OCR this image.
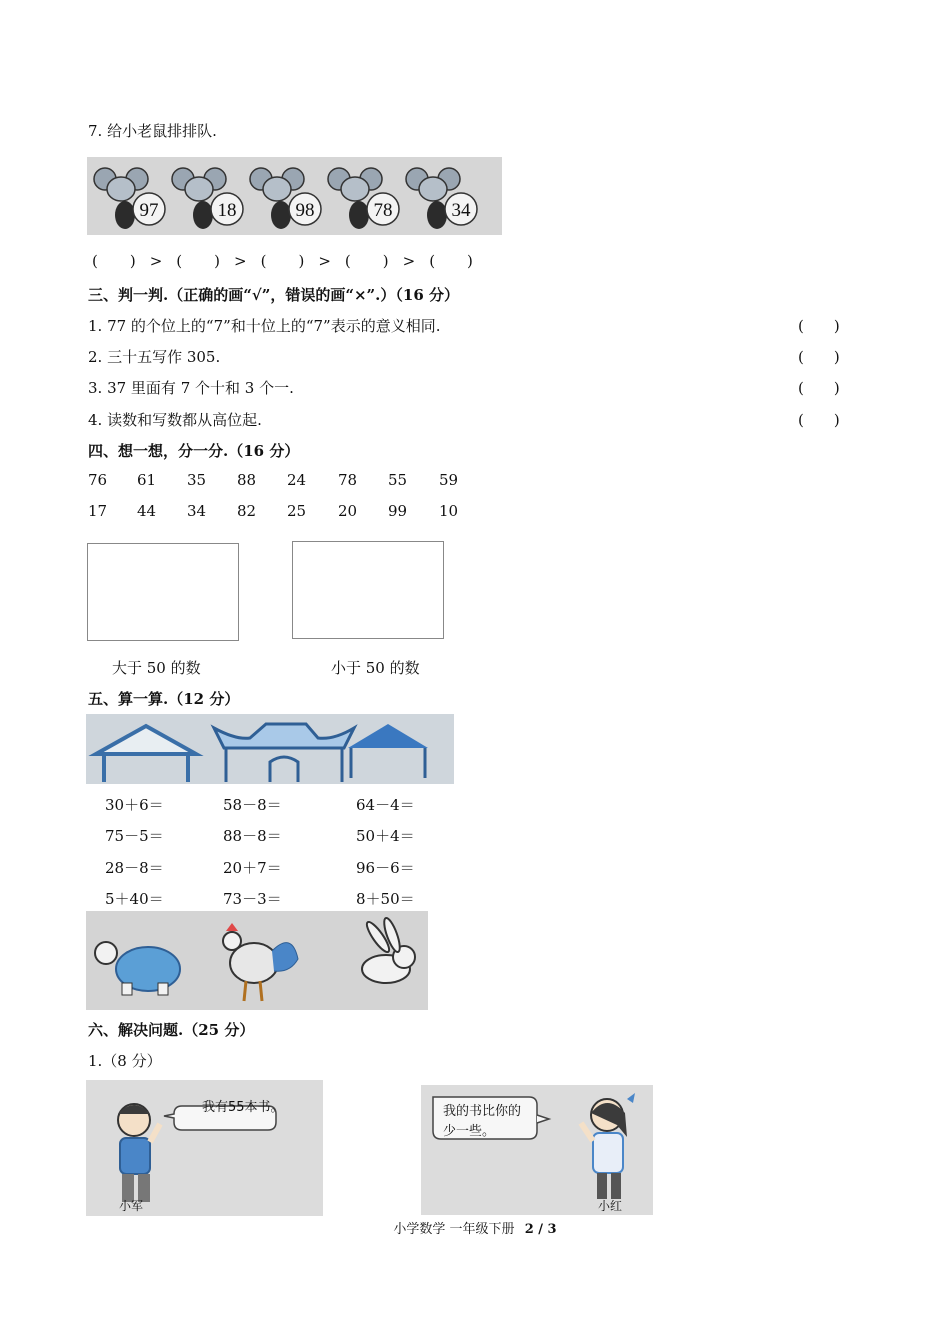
7. 给小老鼠排排队.
97	18	98	78	34
( ) > ( ) > ( ) > ( ) > ( )
三、判一判.（正确的画“√”，错误的画“×”.）（16 分）
1. 77 的个位上的“7”和十位上的“7”表示的意义相同.	(　　)
2. 三十五写作 305.	(　　)
3. 37 里面有 7 个十和 3 个一.	(　　)
4. 读数和写数都从高位起.	(　　)
四、想一想，分一分.（16 分）
76	61	35	88	24	78	55	59
17	44	34	82	25	20	99	10
大于 50 的数	小于 50 的数
五、算一算.（12 分）
30＋6＝	58－8＝	64－4＝
75－5＝	88－8＝	50＋4＝
28－8＝	20＋7＝	96－6＝
5＋40＝	73－3＝	8＋50＝
六、解决问题.（25 分）
1.（8 分）
我有55本书。
小军
我的书比你的
少一些。
小红
小学数学 一年级下册 2 / 3
